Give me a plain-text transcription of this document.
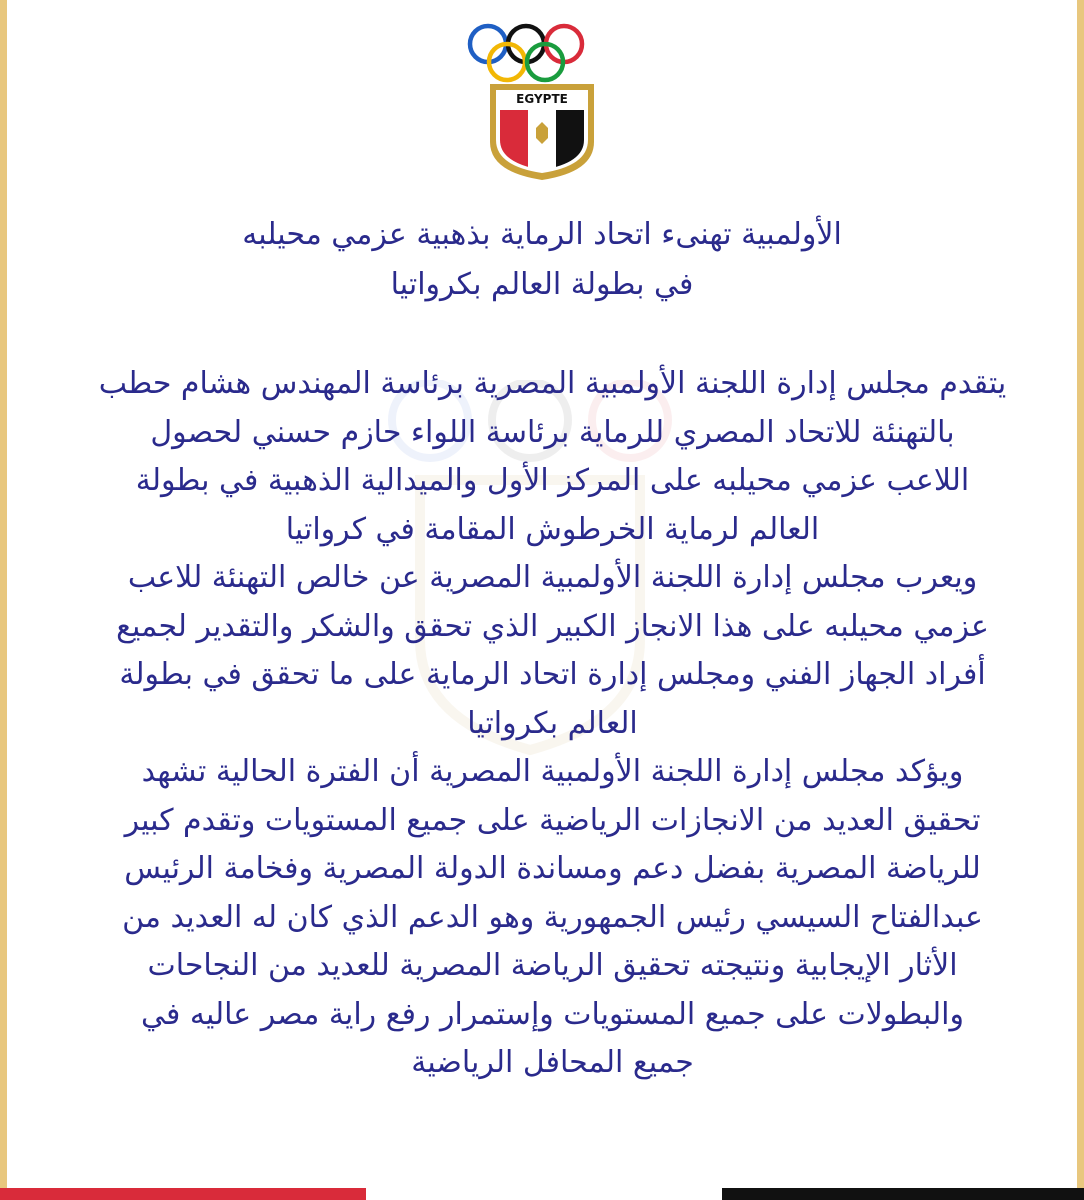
EGYPTE
الأولمبية تهنىء اتحاد الرماية بذهبية عزمي محيلبه
في بطولة العالم بكرواتيا
يتقدم مجلس إدارة اللجنة الأولمبية المصرية برئاسة المهندس هشام حطب
بالتهنئة للاتحاد المصري للرماية برئاسة اللواء حازم حسني لحصول
اللاعب عزمي محيلبه على المركز الأول والميدالية الذهبية في بطولة
العالم لرماية الخرطوش المقامة في كرواتيا
ويعرب مجلس إدارة اللجنة الأولمبية المصرية عن خالص التهنئة للاعب
عزمي محيلبه على هذا الانجاز الكبير الذي تحقق والشكر والتقدير لجميع
أفراد الجهاز الفني ومجلس إدارة اتحاد الرماية على ما تحقق في بطولة
العالم بكرواتيا
ويؤكد مجلس إدارة اللجنة الأولمبية المصرية أن الفترة الحالية تشهد
تحقيق العديد من الانجازات الرياضية على جميع المستويات وتقدم كبير
للرياضة المصرية بفضل دعم ومساندة الدولة المصرية وفخامة الرئيس
عبدالفتاح السيسي رئيس الجمهورية وهو الدعم الذي كان له العديد من
الأثار الإيجابية ونتيجته تحقيق الرياضة المصرية للعديد من النجاحات
والبطولات على جميع المستويات وإستمرار رفع راية مصر عاليه في
جميع المحافل الرياضية
